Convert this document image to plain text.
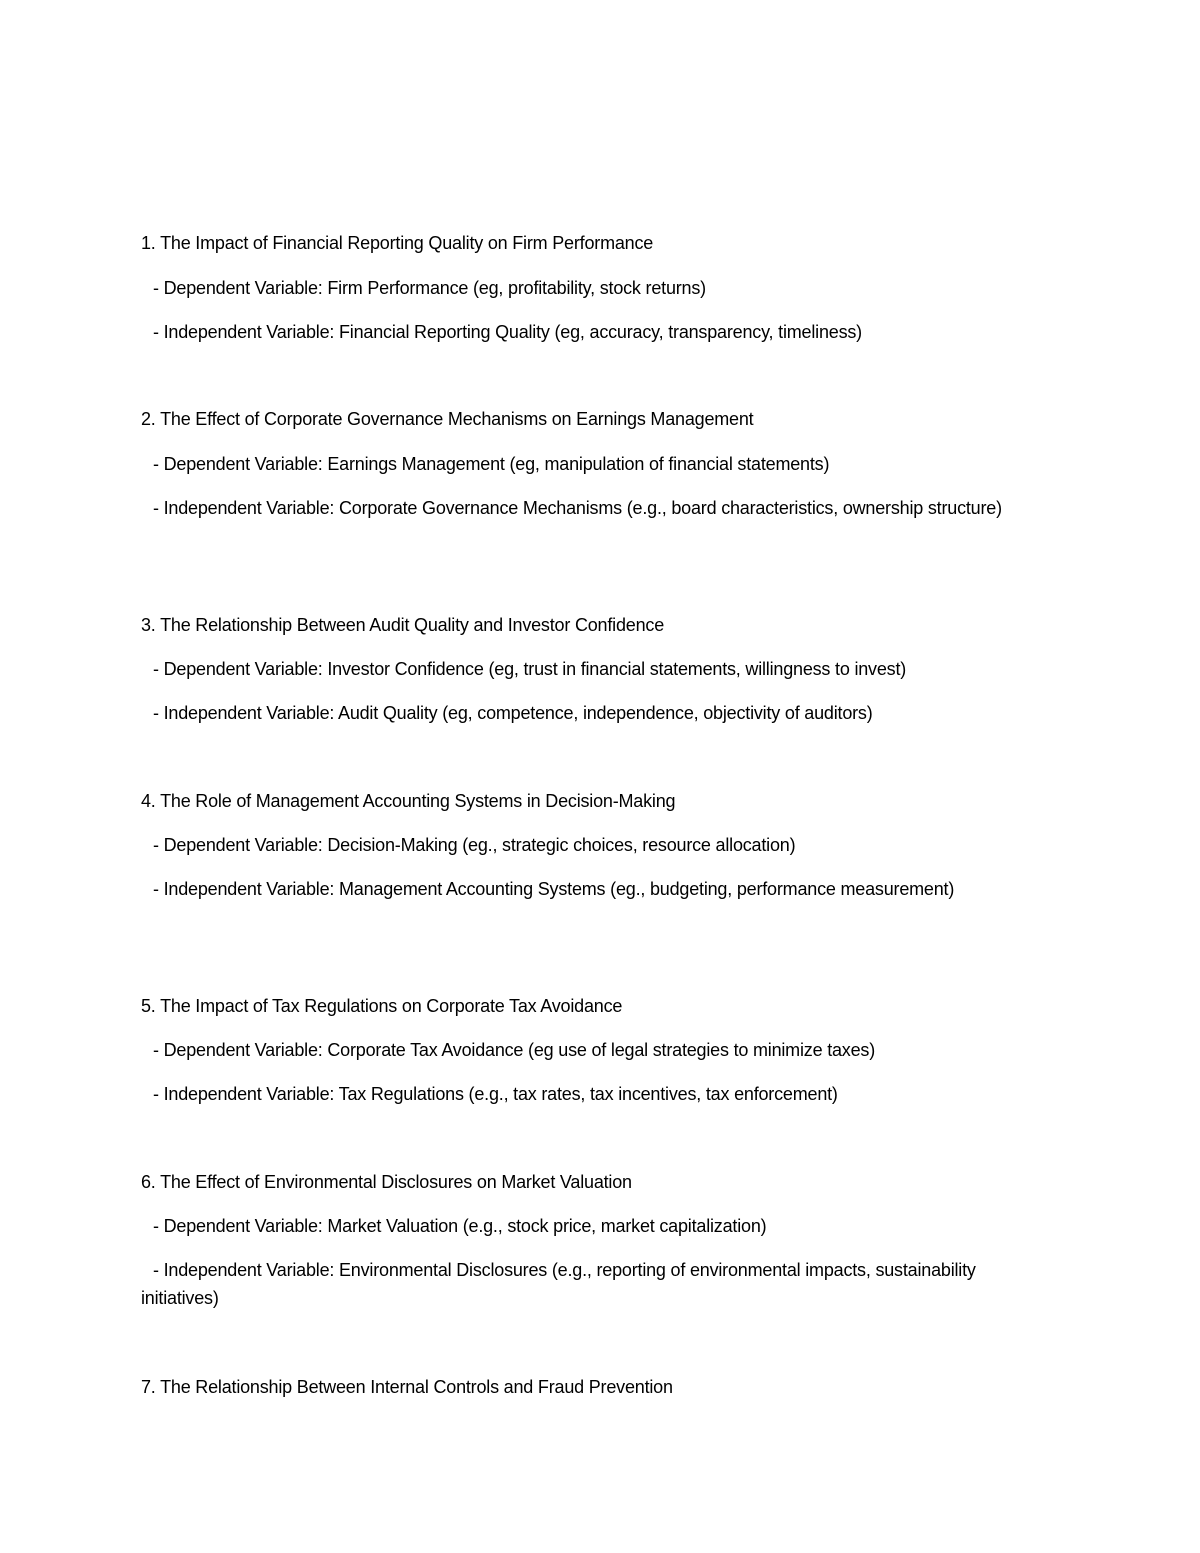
1. The Impact of Financial Reporting Quality on Firm Performance
- Dependent Variable: Firm Performance (eg, profitability, stock returns)
- Independent Variable: Financial Reporting Quality (eg, accuracy, transparency, timeliness)
2. The Effect of Corporate Governance Mechanisms on Earnings Management
- Dependent Variable: Earnings Management (eg, manipulation of financial statements)
- Independent Variable: Corporate Governance Mechanisms (e.g., board characteristics, ownership structure)
3. The Relationship Between Audit Quality and Investor Confidence
- Dependent Variable: Investor Confidence (eg, trust in financial statements, willingness to invest)
- Independent Variable: Audit Quality (eg, competence, independence, objectivity of auditors)
4. The Role of Management Accounting Systems in Decision-Making
- Dependent Variable: Decision-Making (eg., strategic choices, resource allocation)
- Independent Variable: Management Accounting Systems (eg., budgeting, performance measurement)
5. The Impact of Tax Regulations on Corporate Tax Avoidance
- Dependent Variable: Corporate Tax Avoidance (eg use of legal strategies to minimize taxes)
- Independent Variable: Tax Regulations (e.g., tax rates, tax incentives, tax enforcement)
6. The Effect of Environmental Disclosures on Market Valuation
- Dependent Variable: Market Valuation (e.g., stock price, market capitalization)
- Independent Variable: Environmental Disclosures (e.g., reporting of environmental impacts, sustainability initiatives)
7. The Relationship Between Internal Controls and Fraud Prevention
